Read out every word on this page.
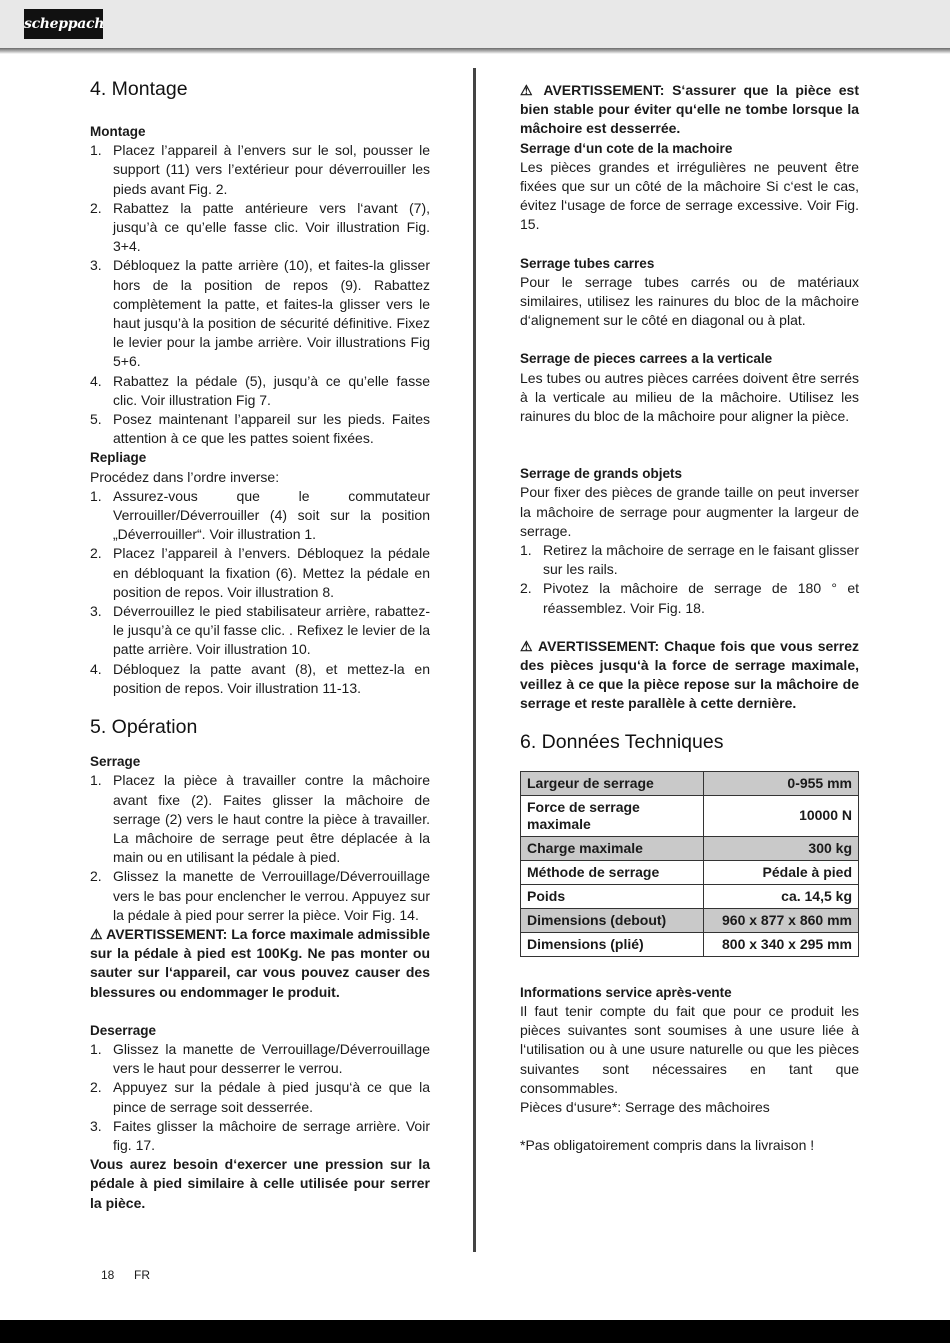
scheppach
4. Montage
Montage
1. Placez l’appareil à l’envers sur le sol, pousser le support (11) vers l’extérieur pour déverrouiller les pieds avant Fig. 2.
2. Rabattez la patte antérieure vers l‘avant (7), jusqu’à ce qu’elle fasse clic. Voir illustration Fig. 3+4.
3. Débloquez la patte arrière (10), et faites-la glisser hors de la position de repos (9). Rabattez complètement la patte, et faites-la glisser vers le haut jusqu’à la position de sécurité définitive. Fixez le levier pour la jambe arrière. Voir illustrations Fig 5+6.
4. Rabattez la pédale (5), jusqu’à ce qu’elle fasse clic. Voir illustration Fig 7.
5. Posez maintenant l’appareil sur les pieds. Faites attention à ce que les pattes soient fixées.
Repliage

Procédez dans l’ordre inverse:

1. Assurez-vous que le commutateur Verrouiller/Déverrouiller (4) soit sur la position „Déverrouiller“. Voir illustration 1.
2. Placez l’appareil à l’envers. Débloquez la pédale en débloquant la fixation (6). Mettez la pédale en position de repos. Voir illustration 8.
3. Déverrouillez le pied stabilisateur arrière, rabattez-le jusqu’à ce qu’il fasse clic. . Refixez le levier de la patte arrière. Voir illustration 10.
4. Débloquez la patte avant (8), et mettez-la en position de repos. Voir illustration 11-13.
5. Opération
Serrage
1. Placez la pièce à travailler contre la mâchoire avant fixe (2). Faites glisser la mâchoire de serrage (2) vers le haut contre la pièce à travailler. La mâchoire de serrage peut être déplacée à la main ou en utilisant la pédale à pied.
2. Glissez la manette de Verrouillage/Déverrouillage vers le bas pour enclencher le verrou. Appuyez sur la pédale à pied pour serrer la pièce. Voir Fig. 14.

⚠ AVERTISSEMENT: La force maximale admissible sur la pédale à pied est 100Kg. Ne pas monter ou sauter sur l‘appareil, car vous pouvez causer des blessures ou endommager le produit.

Deserrage
1. Glissez la manette de Verrouillage/Déverrouillage vers le haut pour desserrer le verrou.
2. Appuyez sur la pédale à pied jusqu‘à ce que la pince de serrage soit desserrée.
3. Faites glisser la mâchoire de serrage arrière. Voir fig. 17.

Vous aurez besoin d‘exercer une pression sur la pédale à pied similaire à celle utilisée pour serrer la pièce.

⚠ AVERTISSEMENT: S‘assurer que la pièce est bien stable pour éviter qu‘elle ne tombe lorsque la mâchoire est desserrée.

Serrage d‘un cote de la machoire

Les pièces grandes et irrégulières ne peuvent être fixées que sur un côté de la mâchoire Si c‘est le cas, évitez l‘usage de force de serrage excessive. Voir Fig. 15.

Serrage tubes carres

Pour le serrage tubes carrés ou de matériaux similaires, utilisez les rainures du bloc de la mâchoire d‘alignement sur le côté en diagonal ou à plat.

Serrage de pieces carrees a la verticale

Les tubes ou autres pièces carrées doivent être serrés à la verticale au milieu de la mâchoire. Utilisez les rainures du bloc de la mâchoire pour aligner la pièce.

Serrage de grands objets

Pour fixer des pièces de grande taille on peut inverser la mâchoire de serrage pour augmenter la largeur de serrage.

1. Retirez la mâchoire de serrage en le faisant glisser sur les rails.
2. Pivotez la mâchoire de serrage de 180 ° et réassemblez. Voir Fig. 18.

⚠ AVERTISSEMENT: Chaque fois que vous serrez des pièces jusqu‘à la force de serrage maximale, veillez à ce que la pièce repose sur la mâchoire de serrage et reste parallèle à cette dernière.

6. Données Techniques
Largeur de serrage	0-955 mm
Force de serrage maximale	10000 N
Charge maximale	300 kg
Méthode de serrage	Pédale à pied
Poids	ca. 14,5 kg
Dimensions (debout)	960 x 877 x 860 mm
Dimensions (plié)	800 x 340 x 295 mm
Informations service après-vente

Il faut tenir compte du fait que pour ce produit les pièces suivantes sont soumises à une usure liée à l‘utilisation ou à une usure naturelle ou que les pièces suivantes sont nécessaires en tant que consommables.

Pièces d‘usure*: Serrage des mâchoires

*Pas obligatoirement compris dans la livraison !

18 FR
